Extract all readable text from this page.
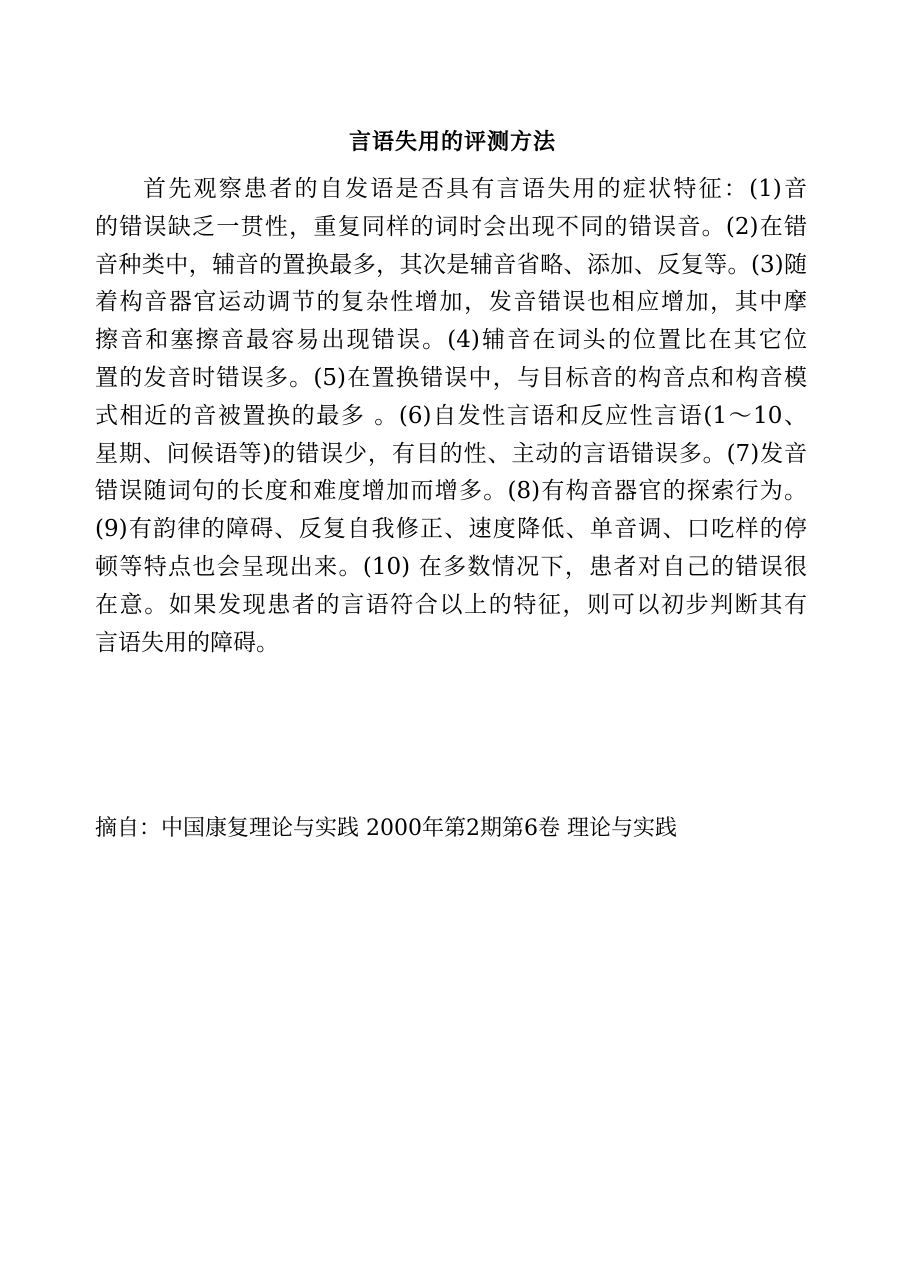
言语失用的评测方法
首先观察患者的自发语是否具有言语失用的症状特征：(1)音
的错误缺乏一贯性，重复同样的词时会出现不同的错误音。(2)在错
音种类中，辅音的置换最多，其次是辅音省略、添加、反复等。(3)随
着构音器官运动调节的复杂性增加，发音错误也相应增加，其中摩
擦音和塞擦音最容易出现错误。(4)辅音在词头的位置比在其它位
置的发音时错误多。(5)在置换错误中，与目标音的构音点和构音模
式相近的音被置换的最多 。(6)自发性言语和反应性言语(1～10、
星期、问候语等)的错误少，有目的性、主动的言语错误多。(7)发音
错误随词句的长度和难度增加而增多。(8)有构音器官的探索行为。
(9)有韵律的障碍、反复自我修正、速度降低、单音调、口吃样的停
顿等特点也会呈现出来。(10) 在多数情况下，患者对自己的错误很
在意。如果发现患者的言语符合以上的特征，则可以初步判断其有
言语失用的障碍。
摘自：中国康复理论与实践 2000年第2期第6卷 理论与实践
